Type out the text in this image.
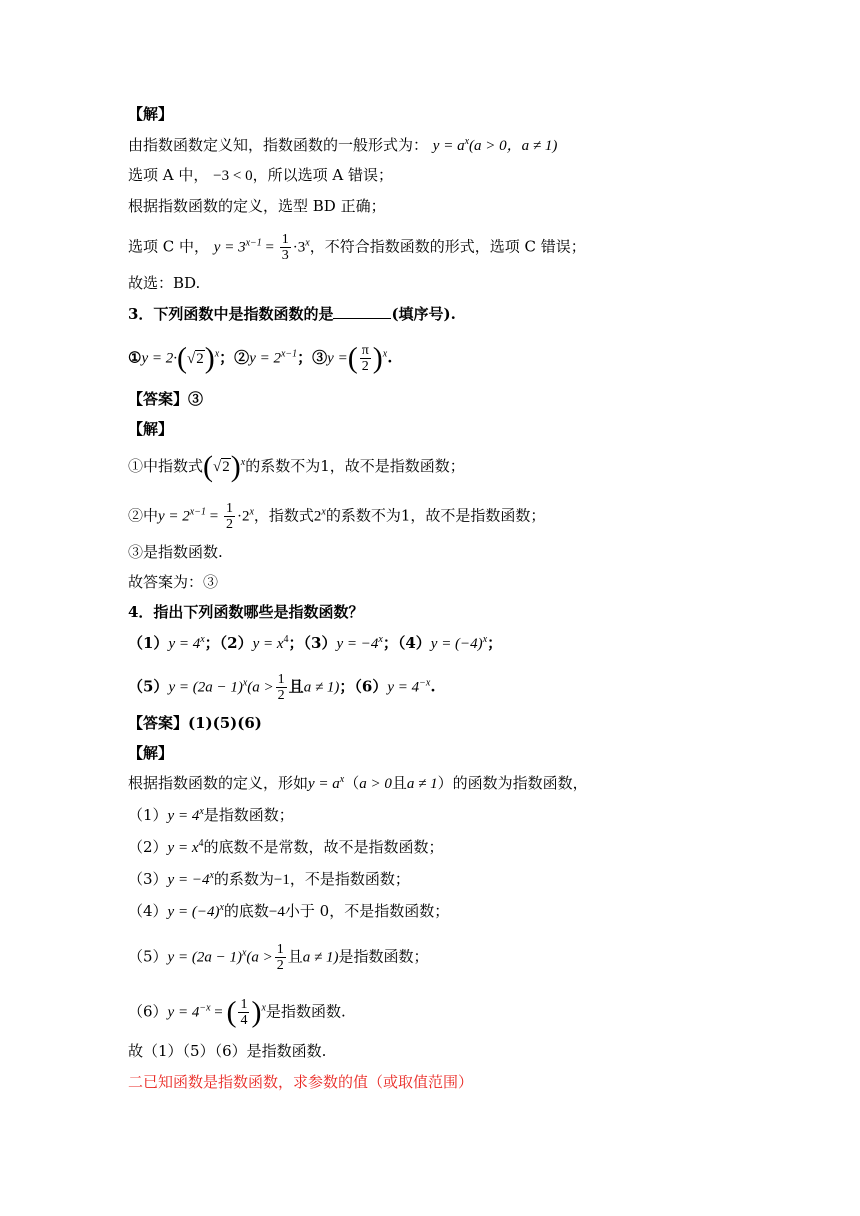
【解】
由指数函数定义知，指数函数的一般形式为： $y = a^x(a > 0$，a ≠ 1)
选项 A 中， −3 < 0，所以选项 A 错误；
根据指数函数的定义，选型 BD 正确；
选项 C 中， $y = 3^{x-1} = \frac{1}{3} \cdot 3^x$，不符合指数函数的形式，选项 C 错误；
故选：BD.
3．下列函数中是指数函数的是	(填序号).
①y = $2\cdot(√2)^x$；②y = $2^{x-1}$；③y =( $\frac{\pi}{2} )^x$.
【答案】③
【解】
①中指数式$(√2)^x$的系数不为1，故不是指数函数；
②中$y = 2^{x-1} = \frac{1}{2} \cdot 2^x$，指数式2$^x$的系数不为1，故不是指数函数；
③是指数函数.
故答案为：③
4．指出下列函数哪些是指数函数？
$(1)y = 4^x$；$(2)y = x^4$；$(3)y = -4^x$；$(4)y = (-4)^x$；
$(5)y = (2a - 1)^x(a > \frac{1}{2}$ 且a ≠ 1)；$(6)y = 4^{-x}$.
【答案】(1)(5)(6)
【解】
根据指数函数的定义，形如$y = a^x(a > 0$且a ≠ 1）的函数为指数函数，
$(1)y = 4^x$是指数函数；
$(2)y = x^4$的底数不是常数，故不是指数函数；
$(3)y = -4^x$的系数为−1，不是指数函数；
$(4)y = (-4)^x$的底数−4小于 0，不是指数函数；
$(5)y = (2a - 1)^x(a > \frac{1}{2}$ 且a ≠ 1)是指数函数；
$(6)y = 4^{-x}$ = ( $\frac{1}{4} )^x$是指数函数.
故（1）（5）（6）是指数函数.
二已知函数是指数函数，求参数的值（或取值范围）
